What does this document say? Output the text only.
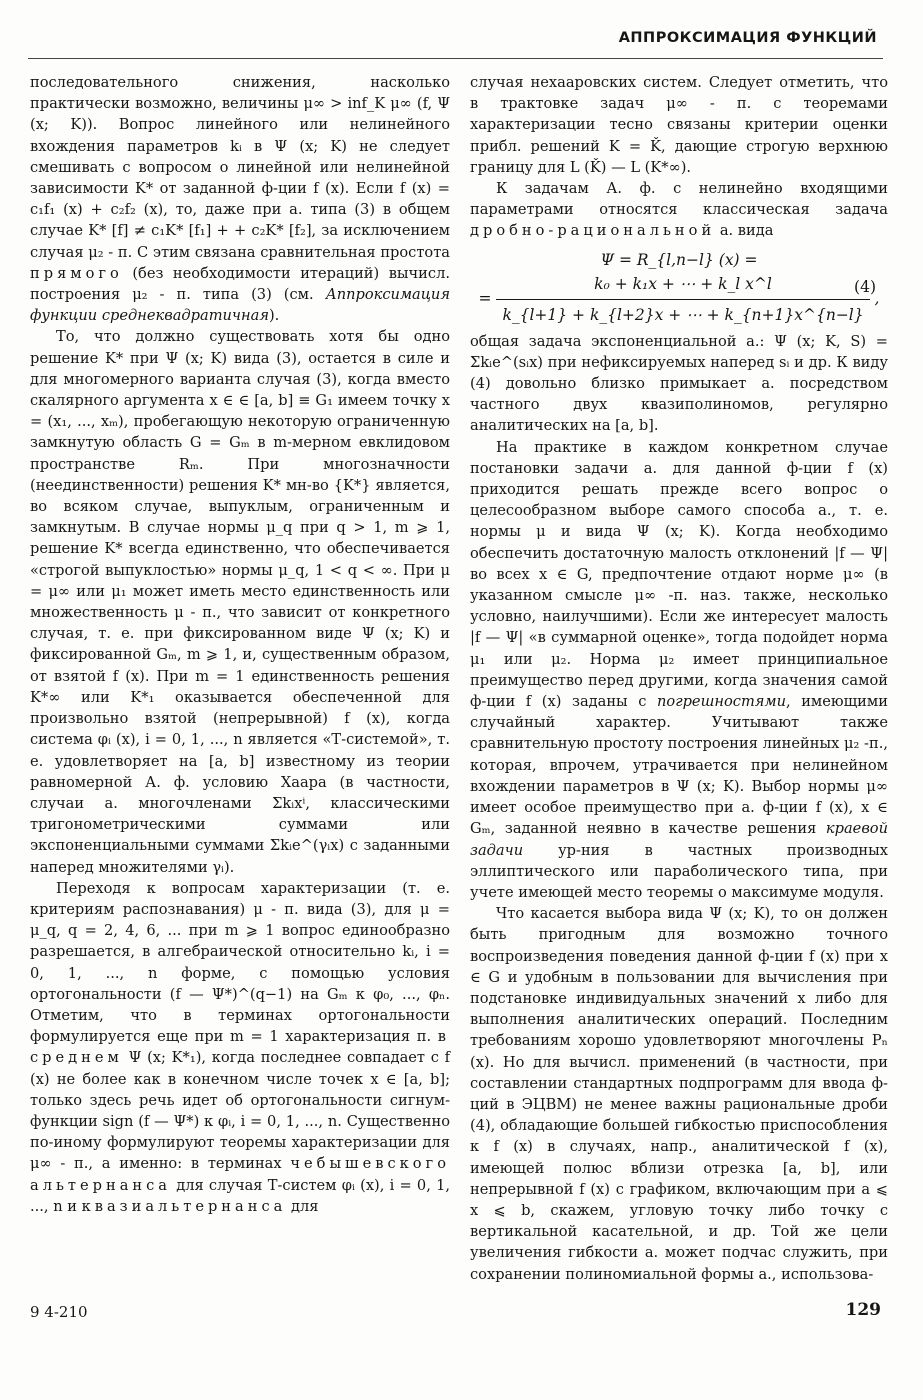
АППРОКСИМАЦИЯ ФУНКЦИЙ

последовательного снижения, насколько практически возможно, величины μ∞ > inf_K μ∞ (f, Ψ (x; K)). Вопрос линейного или нелинейного вхождения параметров kᵢ в Ψ (x; K) не следует смешивать с вопросом о линейной или нелинейной зависимости K* от заданной ф-ции f (x). Если f (x) = c₁f₁ (x) + c₂f₂ (x), то, даже при а. типа (3) в общем случае K* [f] ≠ c₁K* [f₁] + + c₂K* [f₂], за исключением случая μ₂ - п. С этим связана сравнительная простота прямого (без необходимости итераций) вычисл. построения μ₂ - п. типа (3) (см. Аппроксимация функции среднеквадратичная).

То, что должно существовать хотя бы одно решение K* при Ψ (x; K) вида (3), остается в силе и для многомерного варианта случая (3), когда вместо скалярного аргумента x ∈ ∈ [a, b] ≡ G₁ имеем точку x = (x₁, ..., xₘ), пробегающую некоторую ограниченную замкнутую область G = Gₘ в m-мерном евклидовом пространстве Rₘ. При многозначности (неединственности) решения K* мн-во {K*} является, во всяком случае, выпуклым, ограниченным и замкнутым. В случае нормы μ_q при q > 1, m ⩾ 1, решение K* всегда единственно, что обеспечивается «строгой выпуклостью» нормы μ_q, 1 < q < ∞. При μ = μ∞ или μ₁ может иметь место единственность или множественность μ - п., что зависит от конкретного случая, т. е. при фиксированном виде Ψ (x; K) и фиксированной Gₘ, m ⩾ 1, и, существенным образом, от взятой f (x). При m = 1 единственность решения K*∞ или K*₁ оказывается обеспеченной для произвольно взятой (непрерывной) f (x), когда система φᵢ (x), i = 0, 1, ..., n является «Т-системой», т. е. удовлетворяет на [a, b] известному из теории равномерной А. ф. условию Хаара (в частности, случаи а. многочленами Σkᵢxⁱ, классическими тригонометрическими суммами или экспоненциальными суммами Σkᵢe^(γᵢx) с заданными наперед множителями γᵢ).

Переходя к вопросам характеризации (т. е. критериям распознавания) μ - п. вида (3), для μ = μ_q, q = 2, 4, 6, ... при m ⩾ 1 вопрос единообразно разрешается, в алгебраической относительно kᵢ, i = 0, 1, ..., n форме, с помощью условия ортогональности (f — Ψ*)^(q−1) на Gₘ к φ₀, ..., φₙ. Отметим, что в терминах ортогональности формулируется еще при m = 1 характеризация п. в среднем Ψ (x; K*₁), когда последнее совпадает с f (x) не более как в конечном числе точек x ∈ [a, b]; только здесь речь идет об ортогональности сигнум-функции sign (f — Ψ*) к φᵢ, i = 0, 1, ..., n. Существенно по-иному формулируют теоремы характеризации для μ∞ - п., а именно: в терминах чебышевского альтернанса для случая Т-систем φᵢ (x), i = 0, 1, ..., n и квазиальтернанса для

случая нехааровских систем. Следует отметить, что в трактовке задач μ∞ - п. с теоремами характеризации тесно связаны критерии оценки прибл. решений K = Ǩ, дающие строгую верхнюю границу для L (Ǩ) — L (K*∞).

К задачам А. ф. с нелинейно входящими параметрами относятся классическая задача дробно-рациональной а. вида

Ψ = R_{l,n−l} (x) =
= $\frac{\text{k₀ + k₁x + ⋯ + k\_l x\textasciicircum{}l}}{k\_\{l+1\} + k\_\{l+2\}x + \cdots + k\_\{n+1\}x\^{}\{n-l\}}$ ,
(4)

общая задача экспоненциальной а.: Ψ (x; K, S) = Σkᵢe^(sᵢx) при нефиксируемых наперед sᵢ и др. К виду (4) довольно близко примыкает а. посредством частного двух квазиполиномов, регулярно аналитических на [a, b].

На практике в каждом конкретном случае постановки задачи а. для данной ф-ции f (x) приходится решать прежде всего вопрос о целесообразном выборе самого способа а., т. е. нормы μ и вида Ψ (x; K). Когда необходимо обеспечить достаточную малость отклонений |f — Ψ| во всех x ∈ G, предпочтение отдают норме μ∞ (в указанном смысле μ∞ -п. наз. также, несколько условно, наилучшими). Если же интересует малость |f — Ψ| «в суммарной оценке», тогда подойдет норма μ₁ или μ₂. Норма μ₂ имеет принципиальное преимущество перед другими, когда значения самой ф-ции f (x) заданы с погрешностями, имеющими случайный характер. Учитывают также сравнительную простоту построения линейных μ₂ -п., которая, впрочем, утрачивается при нелинейном вхождении параметров в Ψ (x; K). Выбор нормы μ∞ имеет особое преимущество при а. ф-ции f (x), x ∈ Gₘ, заданной неявно в качестве решения краевой задачи ур-ния в частных производных эллиптического или параболического типа, при учете имеющей место теоремы о максимуме модуля.

Что касается выбора вида Ψ (x; K), то он должен быть пригодным для возможно точного воспроизведения поведения данной ф-ции f (x) при x ∈ G и удобным в пользовании для вычисления при подстановке индивидуальных значений x либо для выполнения аналитических операций. Последним требованиям хорошо удовлетворяют многочлены Pₙ (x). Но для вычисл. применений (в частности, при составлении стандартных подпрограмм для ввода ф-ций в ЭЦВМ) не менее важны рациональные дроби (4), обладающие большей гибкостью приспособления к f (x) в случаях, напр., аналитической f (x), имеющей полюс вблизи отрезка [a, b], или непрерывной f (x) с графиком, включающим при a ⩽ x ⩽ b, скажем, угловую точку либо точку с вертикальной касательной, и др. Той же цели увеличения гибкости а. может подчас служить, при сохранении полиномиальной формы а., использова-

9 4-210	129
